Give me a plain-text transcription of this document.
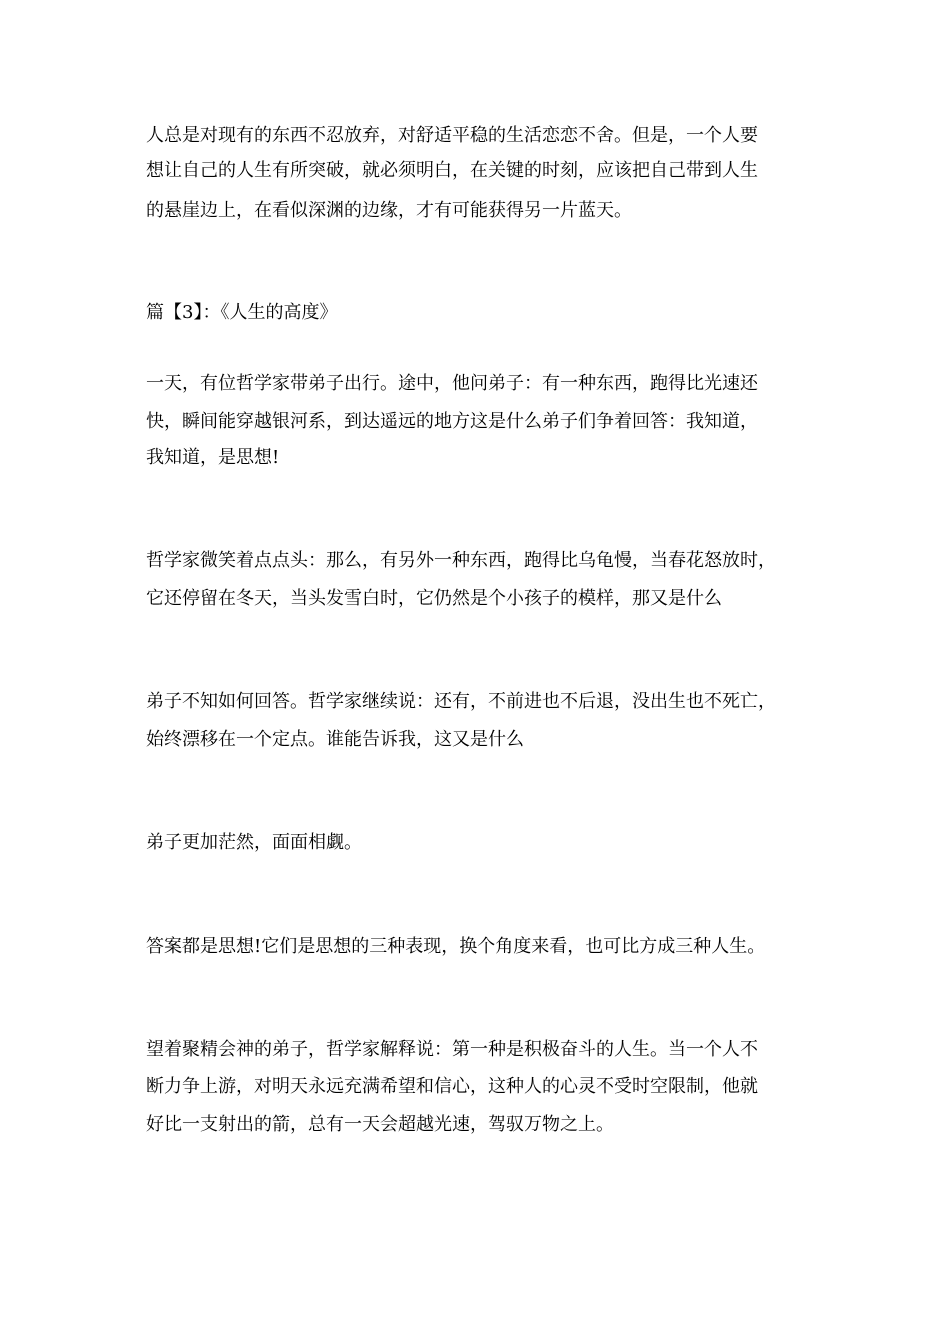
人总是对现有的东西不忍放弃，对舒适平稳的生活恋恋不舍。但是，一个人要

想让自己的人生有所突破，就必须明白，在关键的时刻，应该把自己带到人生

的悬崖边上，在看似深渊的边缘，才有可能获得另一片蓝天。

篇【3】：《人生的高度》

一天，有位哲学家带弟子出行。途中，他问弟子：有一种东西，跑得比光速还

快，瞬间能穿越银河系，到达遥远的地方这是什么弟子们争着回答：我知道，

我知道，是思想!

哲学家微笑着点点头：那么，有另外一种东西，跑得比乌龟慢，当春花怒放时，

它还停留在冬天，当头发雪白时，它仍然是个小孩子的模样，那又是什么

弟子不知如何回答。哲学家继续说：还有，不前进也不后退，没出生也不死亡，

始终漂移在一个定点。谁能告诉我，这又是什么

弟子更加茫然，面面相觑。

答案都是思想!它们是思想的三种表现，换个角度来看，也可比方成三种人生。

望着聚精会神的弟子，哲学家解释说：第一种是积极奋斗的人生。当一个人不

断力争上游，对明天永远充满希望和信心，这种人的心灵不受时空限制，他就

好比一支射出的箭，总有一天会超越光速，驾驭万物之上。
